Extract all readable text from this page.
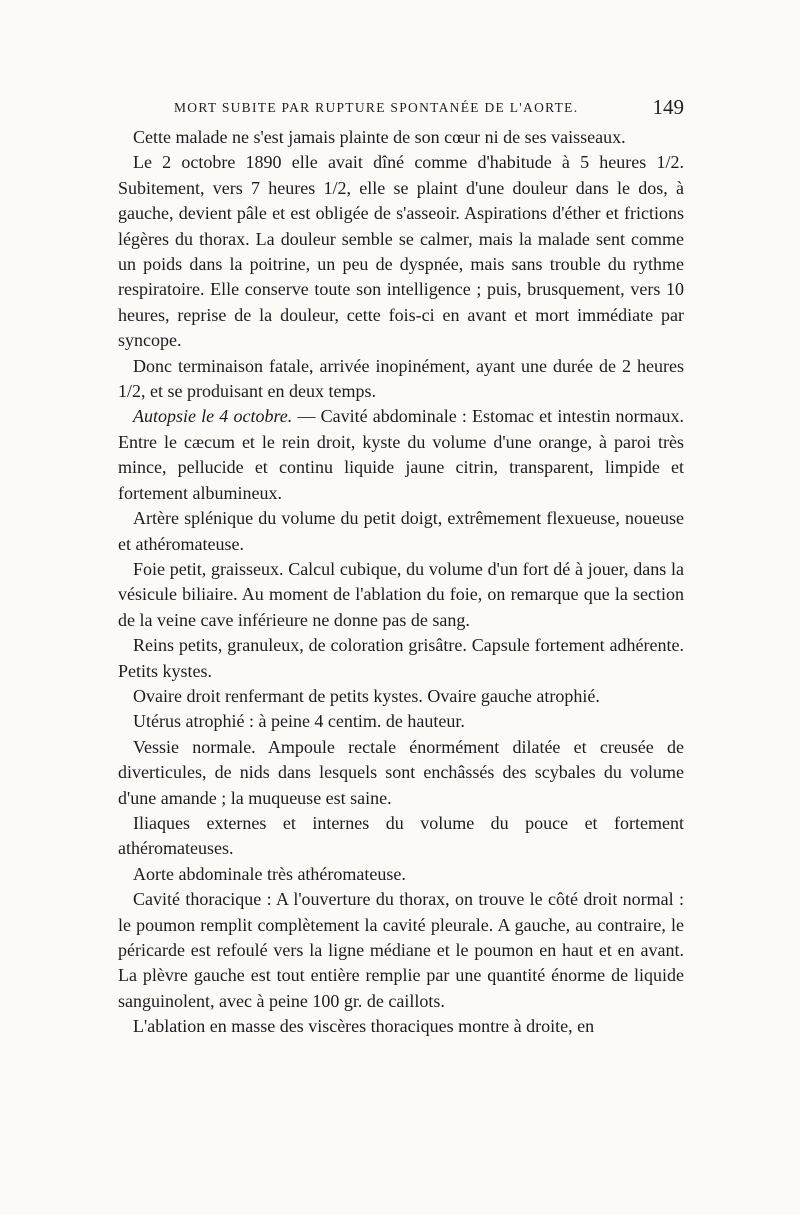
MORT SUBITE PAR RUPTURE SPONTANÉE DE L'AORTE.	149

Cette malade ne s'est jamais plainte de son cœur ni de ses vaisseaux.

Le 2 octobre 1890 elle avait dîné comme d'habitude à 5 heures 1/2. Subitement, vers 7 heures 1/2, elle se plaint d'une douleur dans le dos, à gauche, devient pâle et est obligée de s'asseoir. Aspirations d'éther et frictions légères du thorax. La douleur semble se calmer, mais la malade sent comme un poids dans la poitrine, un peu de dyspnée, mais sans trouble du rythme respiratoire. Elle conserve toute son intelligence ; puis, brusquement, vers 10 heures, reprise de la douleur, cette fois-ci en avant et mort immédiate par syncope.

Donc terminaison fatale, arrivée inopinément, ayant une durée de 2 heures 1/2, et se produisant en deux temps.

Autopsie le 4 octobre. — Cavité abdominale : Estomac et intestin normaux. Entre le cæcum et le rein droit, kyste du volume d'une orange, à paroi très mince, pellucide et continu liquide jaune citrin, transparent, limpide et fortement albumineux.

Artère splénique du volume du petit doigt, extrêmement flexueuse, noueuse et athéromateuse.

Foie petit, graisseux. Calcul cubique, du volume d'un fort dé à jouer, dans la vésicule biliaire. Au moment de l'ablation du foie, on remarque que la section de la veine cave inférieure ne donne pas de sang.

Reins petits, granuleux, de coloration grisâtre. Capsule fortement adhérente. Petits kystes.

Ovaire droit renfermant de petits kystes. Ovaire gauche atrophié.

Utérus atrophié : à peine 4 centim. de hauteur.

Vessie normale. Ampoule rectale énormément dilatée et creusée de diverticules, de nids dans lesquels sont enchâssés des scybales du volume d'une amande ; la muqueuse est saine.

Iliaques externes et internes du volume du pouce et fortement athéromateuses.

Aorte abdominale très athéromateuse.

Cavité thoracique : A l'ouverture du thorax, on trouve le côté droit normal : le poumon remplit complètement la cavité pleurale. A gauche, au contraire, le péricarde est refoulé vers la ligne médiane et le poumon en haut et en avant. La plèvre gauche est tout entière remplie par une quantité énorme de liquide sanguinolent, avec à peine 100 gr. de caillots.

L'ablation en masse des viscères thoraciques montre à droite, en
